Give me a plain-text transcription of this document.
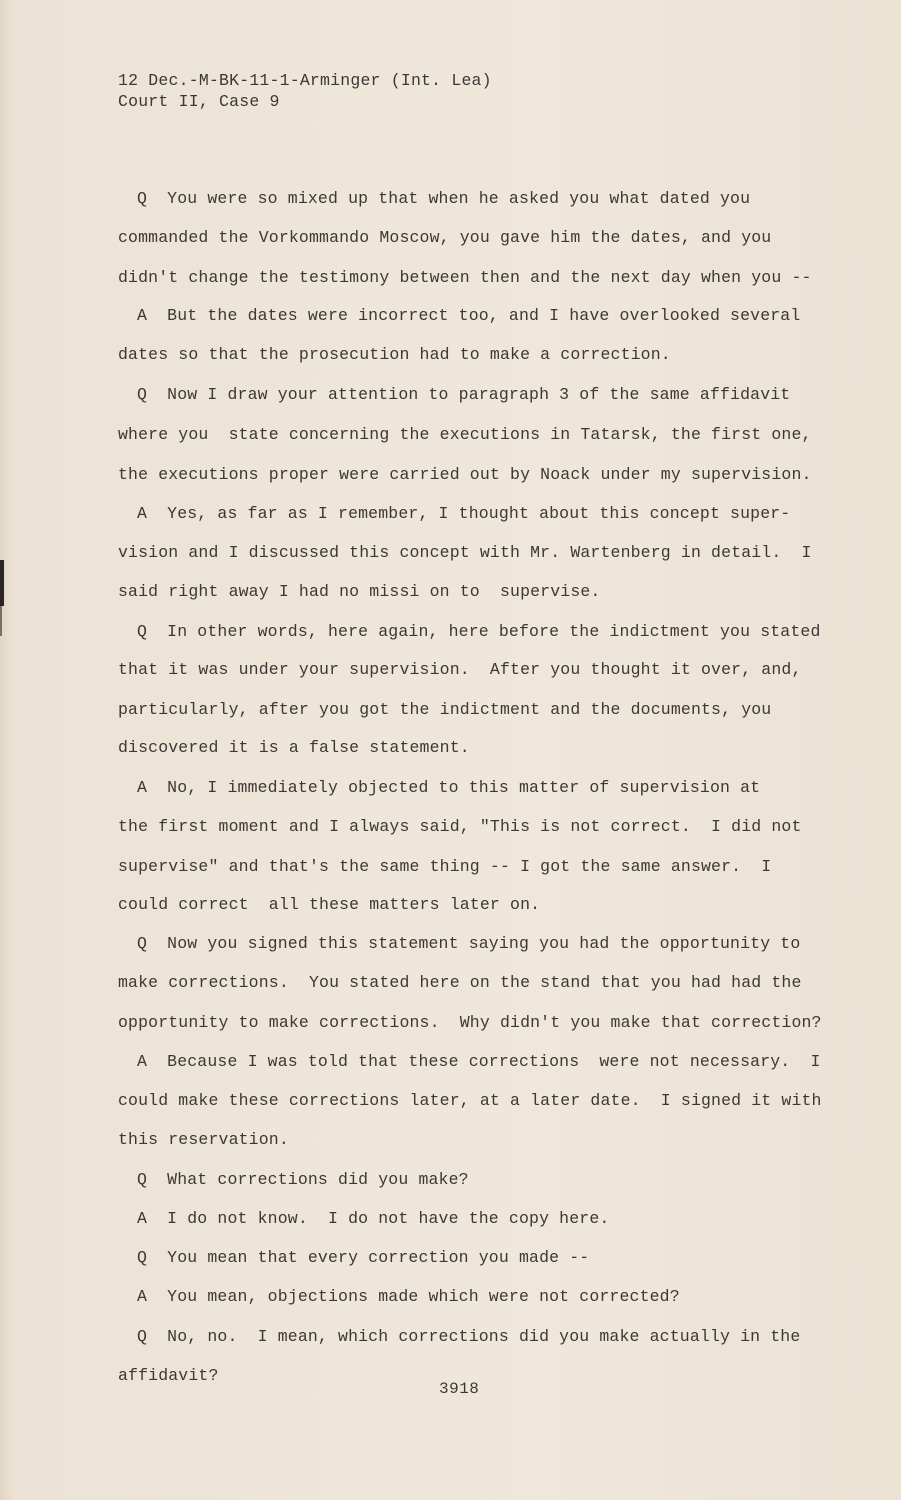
12 Dec.-M-BK-11-1-Arminger (Int. Lea)
Court II, Case 9
Q  You were so mixed up that when he asked you what dated you
commanded the Vorkommando Moscow, you gave him the dates, and you
didn't change the testimony between then and the next day when you --
A  But the dates were incorrect too, and I have overlooked several
dates so that the prosecution had to make a correction.
Q  Now I draw your attention to paragraph 3 of the same affidavit
where you  state concerning the executions in Tatarsk, the first one,
the executions proper were carried out by Noack under my supervision.
A  Yes, as far as I remember, I thought about this concept super-
vision and I discussed this concept with Mr. Wartenberg in detail.  I
said right away I had no missi on to  supervise.
Q  In other words, here again, here before the indictment you stated
that it was under your supervision.  After you thought it over, and,
particularly, after you got the indictment and the documents, you
discovered it is a false statement.
A  No, I immediately objected to this matter of supervision at
the first moment and I always said, "This is not correct.  I did not
supervise" and that's the same thing -- I got the same answer.  I
could correct  all these matters later on.
Q  Now you signed this statement saying you had the opportunity to
make corrections.  You stated here on the stand that you had had the
opportunity to make corrections.  Why didn't you make that correction?
A  Because I was told that these corrections  were not necessary.  I
could make these corrections later, at a later date.  I signed it with
this reservation.
Q  What corrections did you make?
A  I do not know.  I do not have the copy here.
Q  You mean that every correction you made --
A  You mean, objections made which were not corrected?
Q  No, no.  I mean, which corrections did you make actually in the
affidavit?
3918
